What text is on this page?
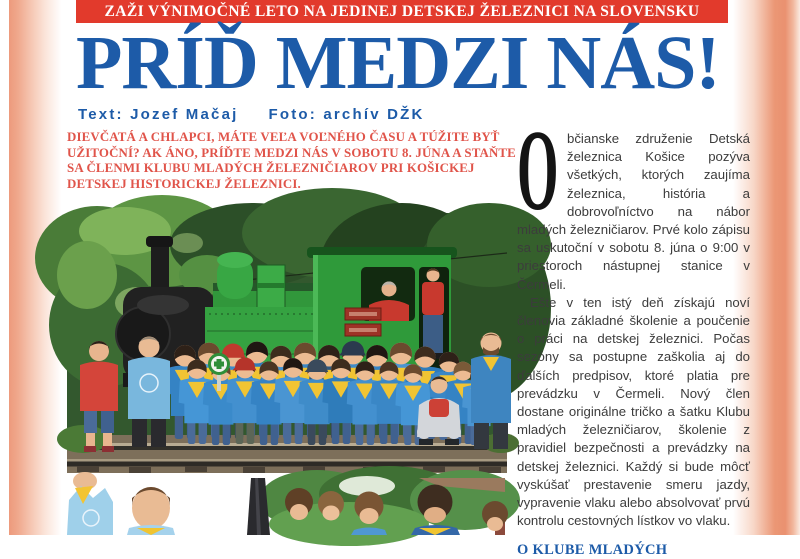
ZAŽI VÝNIMOČNÉ LETO NA JEDINEJ DETSKEJ ŽELEZNICI NA SLOVENSKU
PRÍĎ MEDZI NÁS!
Text: Jozef Mačaj Foto: archív DŽK

DIEVČATÁ A CHLAPCI, MÁTE VEĽA VOĽNÉHO ČASU A TÚŽITE BYŤ UŽITOČNÍ? AK ÁNO, PRÍĎTE MEDZI NÁS V SOBOTU 8. JÚNA A STAŇTE SA ČLENMI KLUBU MLADÝCH ŽELEZNIČIAROV PRI KOŠICKEJ DETSKEJ HISTORICKEJ ŽELEZNICI.	O bčianske združenie Detská železnica Košice pozýva všetkých, ktorých zaujíma železnica, história a dobrovoľníctvo na nábor mladých železničiarov. Prvé kolo zápisu sa uskutoční v sobotu 8. júna o 9:00 v priestoroch nástupnej stanice v Čermeli.

Ešte v ten istý deň získajú noví členovia základné školenie a poučenie o práci na detskej železnici. Počas sezóny sa postupne zaškolia aj do ďalších predpisov, ktoré platia pre prevádzku v Čermeli. Nový člen dostane originálne tričko a šatku Klubu mladých železničiarov, školenie z pravidiel bezpečnosti a prevádzky na detskej železnici. Každý si bude môcť vyskúšať prestavenie smeru jazdy, vypravenie vlaku alebo absolvovať prvú kontrolu cestovných lístkov vo vlaku.

O KLUBE MLADÝCH
